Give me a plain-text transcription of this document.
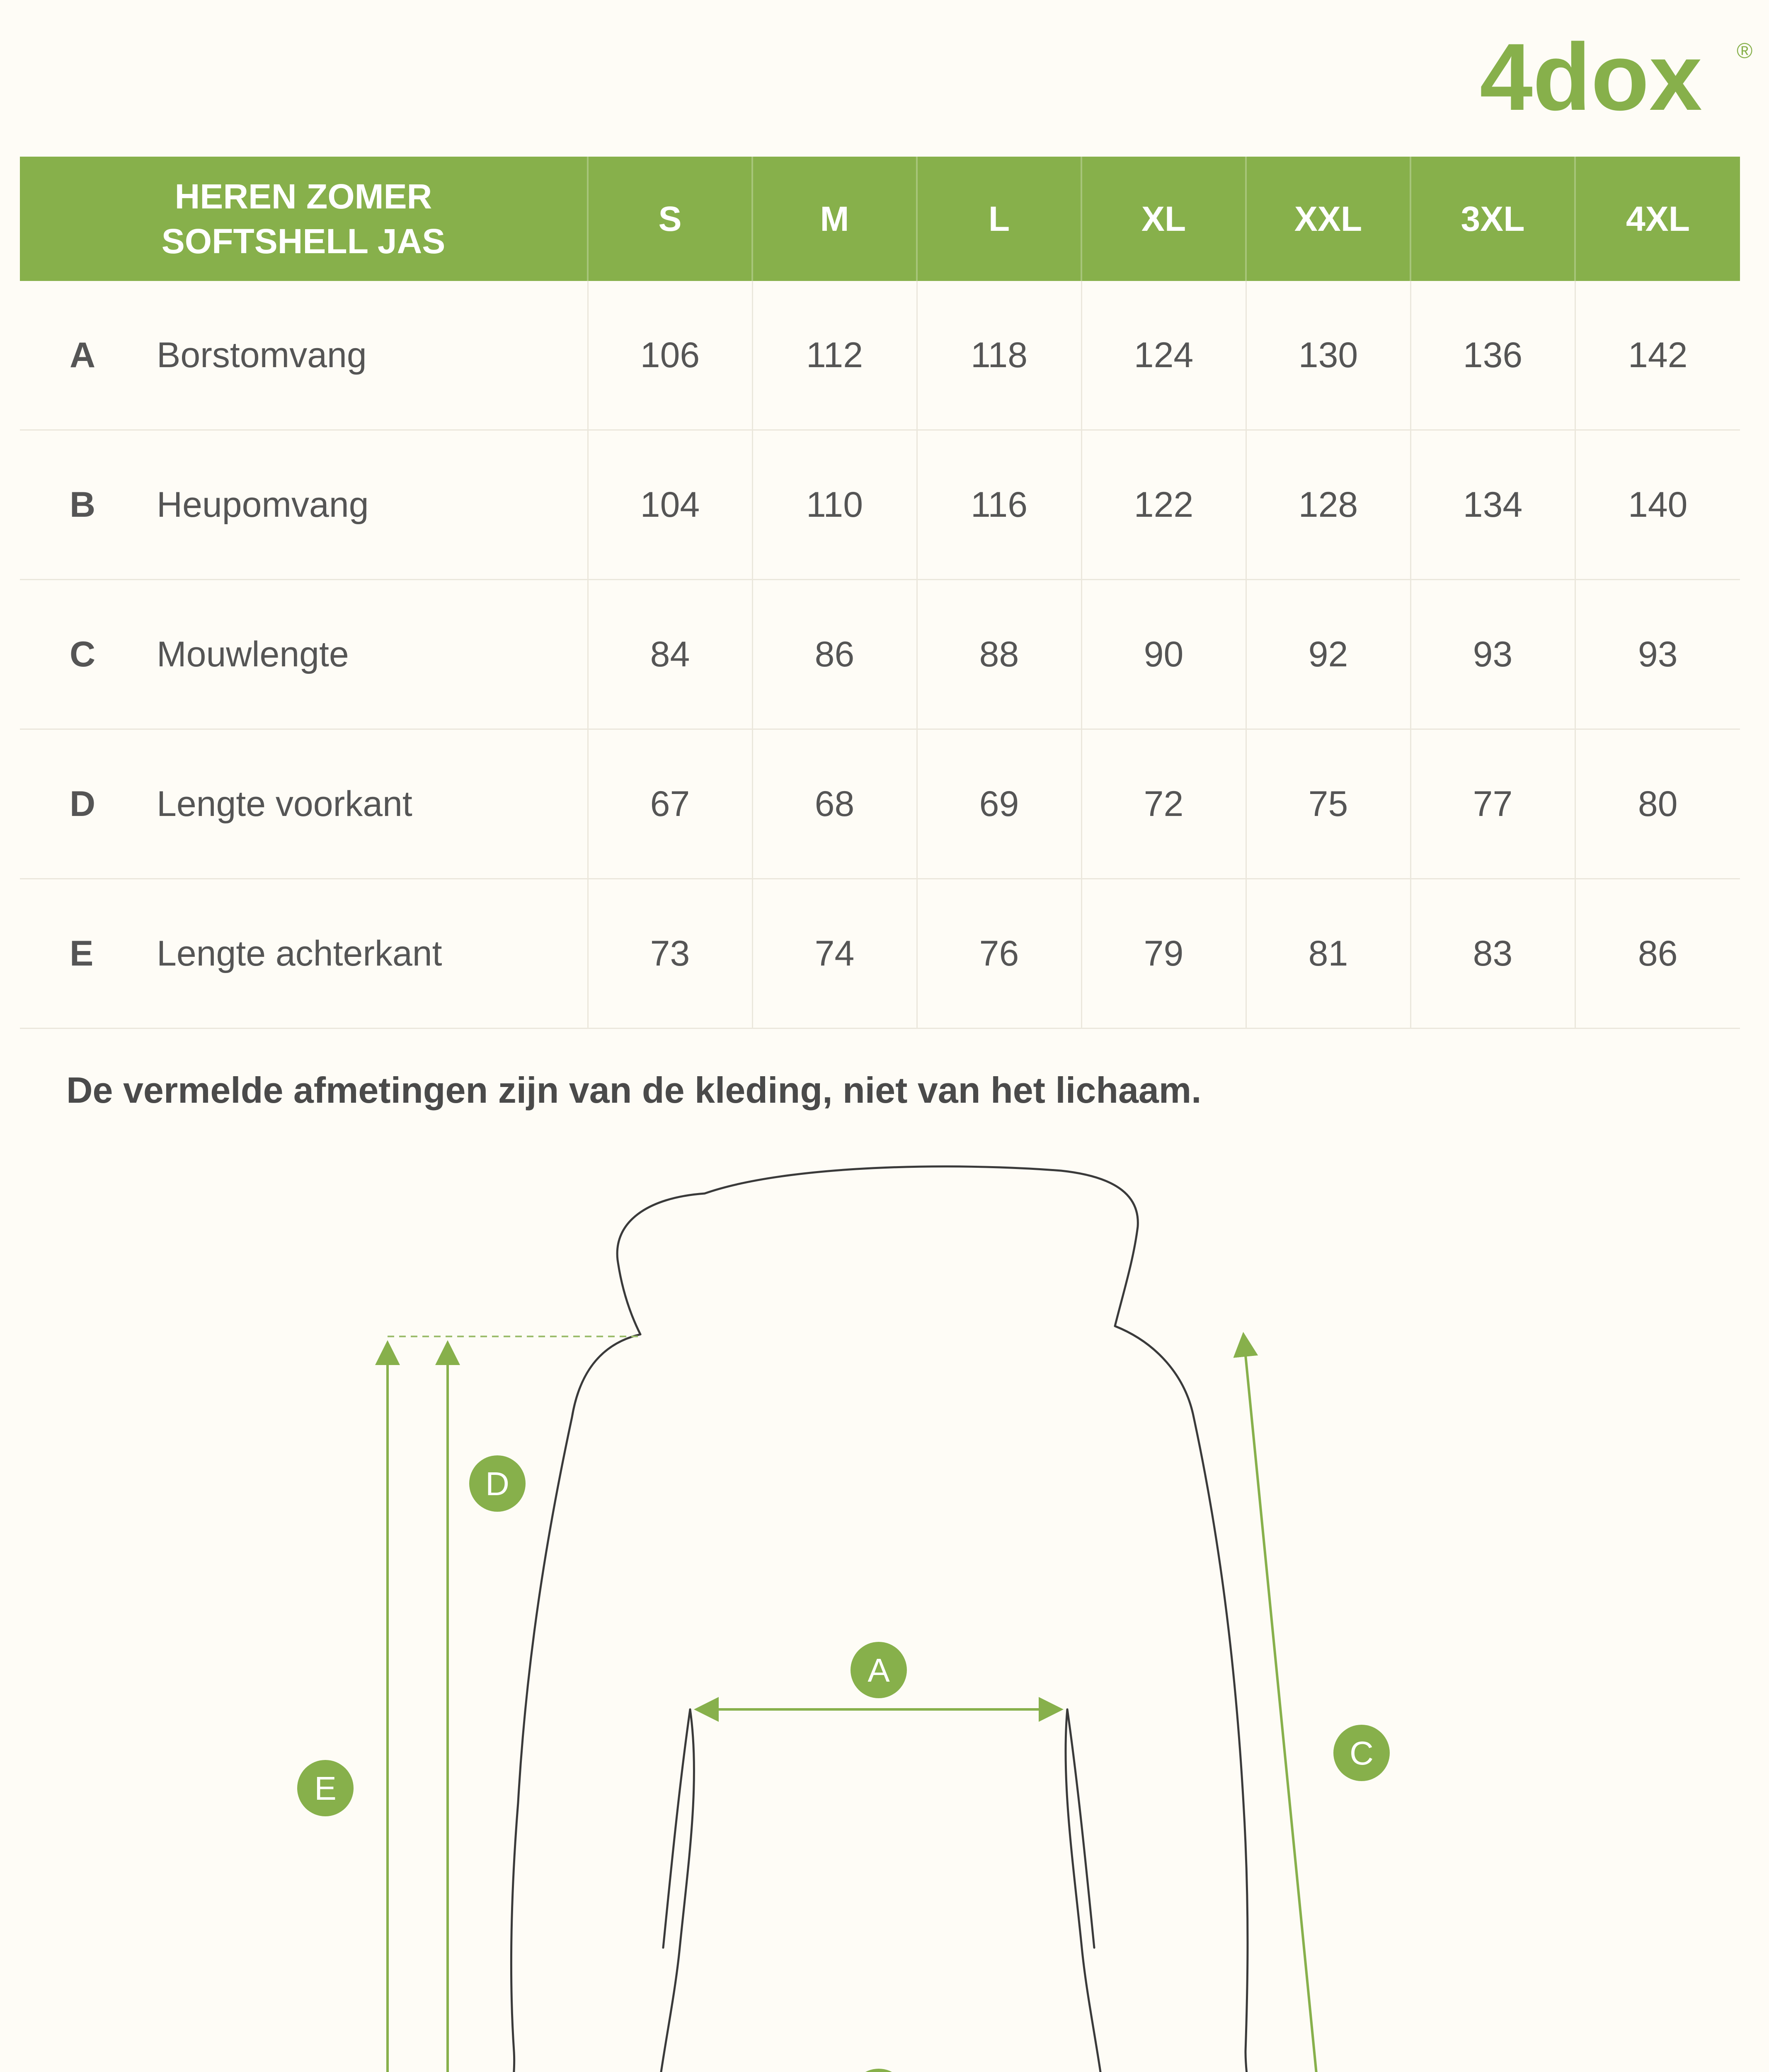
4dox ®
HEREN ZOMER
SOFTSHELL JAS	S	M	L	XL	XXL	3XL	4XL
A Borstomvang	106	112	118	124	130	136	142
B Heupomvang	104	110	116	122	128	134	140
C Mouwlengte	84	86	88	90	92	93	93
D Lengte voorkant	67	68	69	72	75	77	80
E Lengte achterkant	73	74	76	79	81	83	86
De vermelde afmetingen zijn van de kleding, niet van het lichaam.
A
C
D
E
